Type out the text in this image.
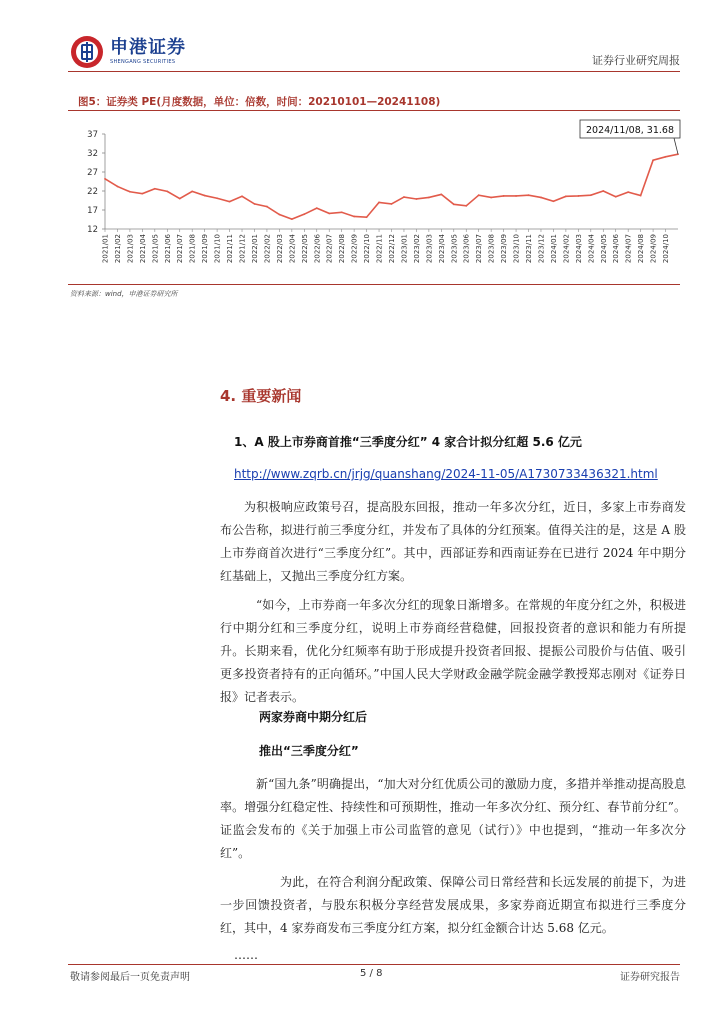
申港证券
SHENGANG SECURITIES	证券行业研究周报
图5：证券类 PE(月度数据，单位：倍数，时间：20210101—20241108)
12
17
22
27
32
37
2021/01 2021/02 2021/03 2021/04 2021/05 2021/06 2021/07 2021/08 2021/09 2021/10 2021/11 2021/12 2022/01 2022/02 2022/03 2022/04 2022/05 2022/06 2022/07 2022/08 2022/09 2022/10 2022/11 2022/12 2023/01 2023/02 2023/03 2023/04 2023/05 2023/06 2023/07 2023/08 2023/09 2023/10 2023/11 2023/12 2024/01 2024/02 2024/03 2024/04 2024/05 2024/06 2024/07 2024/08 2024/09 2024/10
2024/11/08, 31.68
资料来源：wind，申港证券研究所
4. 重要新闻
1、A 股上市券商首推“三季度分红” 4 家合计拟分红超 5.6 亿元
http://www.zqrb.cn/jrjg/quanshang/2024-11-05/A1730733436321.html
为积极响应政策号召，提高股东回报，推动一年多次分红，近日，多家上市券商发布公告称，拟进行前三季度分红，并发布了具体的分红预案。值得关注的是，这是 A 股上市券商首次进行“三季度分红”。其中，西部证券和西南证券在已进行 2024 年中期分红基础上，又抛出三季度分红方案。
“如今，上市券商一年多次分红的现象日渐增多。在常规的年度分红之外，积极进行中期分红和三季度分红，说明上市券商经营稳健，回报投资者的意识和能力有所提升。长期来看，优化分红频率有助于形成提升投资者回报、提振公司股价与估值、吸引更多投资者持有的正向循环。”中国人民大学财政金融学院金融学教授郑志刚对《证券日报》记者表示。
两家券商中期分红后
推出“三季度分红”
新“国九条”明确提出，“加大对分红优质公司的激励力度，多措并举推动提高股息率。增强分红稳定性、持续性和可预期性，推动一年多次分红、预分红、春节前分红”。证监会发布的《关于加强上市公司监管的意见（试行）》中也提到，“推动一年多次分红”。
为此，在符合利润分配政策、保障公司日常经营和长远发展的前提下，为进一步回馈投资者，与股东积极分享经营发展成果，多家券商近期宣布拟进行三季度分红，其中，4 家券商发布三季度分红方案，拟分红金额合计达 5.68 亿元。
……
敬请参阅最后一页免责声明	5 / 8	证券研究报告
